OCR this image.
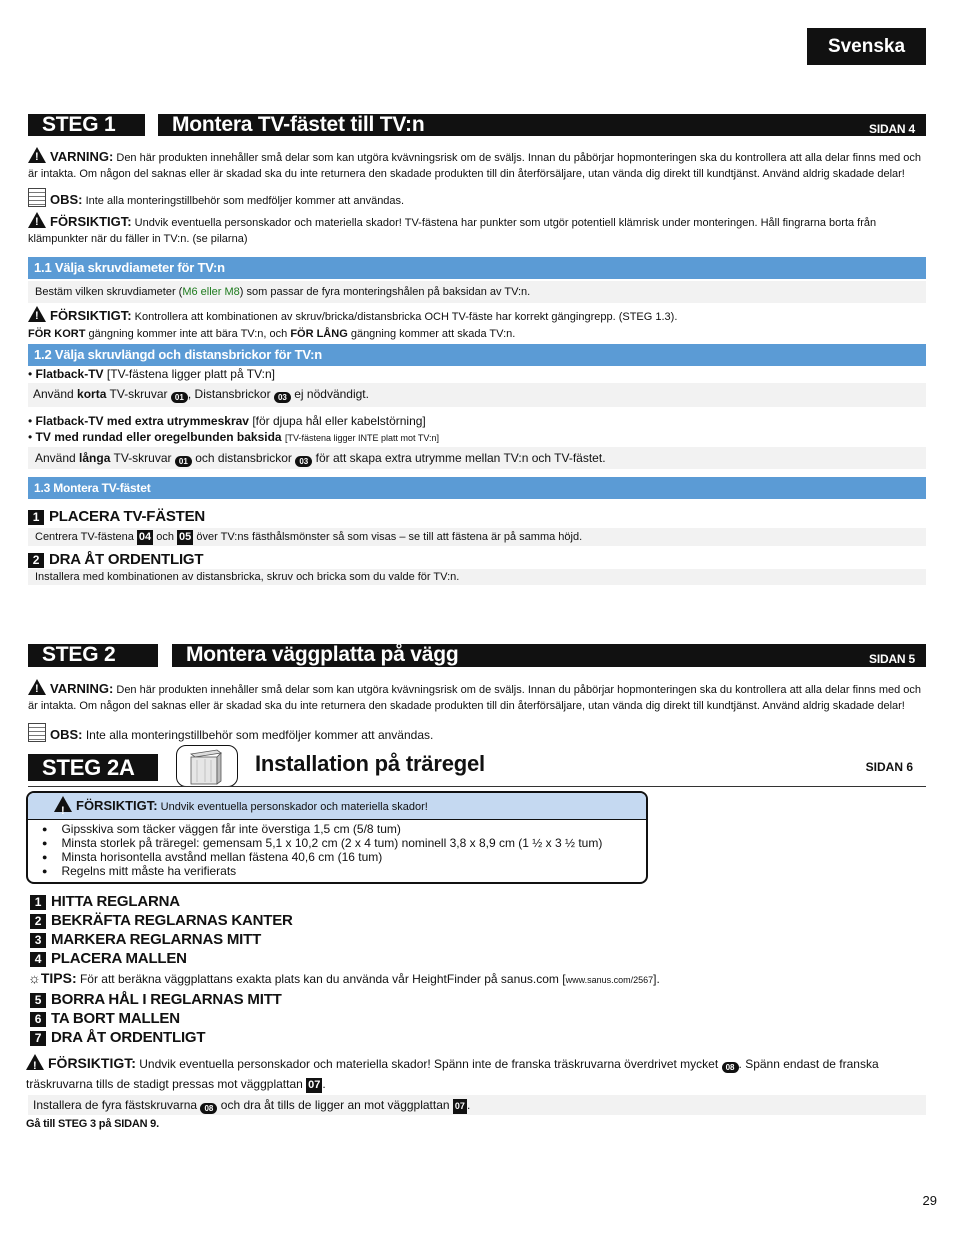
Svenska
STEG 1	Montera TV-fästet till TV:n	SIDAN 4
!VARNING: Den här produkten innehåller små delar som kan utgöra kvävningsrisk om de sväljs. Innan du påbörjar hopmonteringen ska du kontrollera att alla delar finns med och är intakta. Om någon del saknas eller är skadad ska du inte returnera den skadade produkten till din återförsäljare, utan vända dig direkt till kundtjänst. Använd aldrig skadade delar!
OBS: Inte alla monteringstillbehör som medföljer kommer att användas.
!FÖRSIKTIGT: Undvik eventuella personskador och materiella skador! TV-fästena har punkter som utgör potentiell klämrisk under monteringen. Håll fingrarna borta från klämpunkter när du fäller in TV:n. (se pilarna)
1.1 Välja skruvdiameter för TV:n
Bestäm vilken skruvdiameter (M6 eller M8) som passar de fyra monteringshålen på baksidan av TV:n.
!FÖRSIKTIGT: Kontrollera att kombinationen av skruv/bricka/distansbricka OCH TV-fäste har korrekt gängingrepp. (STEG 1.3).
FÖR KORT gängning kommer inte att bära TV:n, och FÖR LÅNG gängning kommer att skada TV:n.
1.2 Välja skruvlängd och distansbrickor för TV:n
• Flatback-TV [TV-fästena ligger platt på TV:n]
Använd korta TV-skruvar 01 , Distansbrickor 03 ej nödvändigt.
• Flatback-TV med extra utrymmeskrav [för djupa hål eller kabelstörning]
• TV med rundad eller oregelbunden baksida [TV-fästena ligger INTE platt mot TV:n]
Använd långa TV-skruvar 01 och distansbrickor 03 för att skapa extra utrymme mellan TV:n och TV-fästet.
1.3 Montera TV-fästet
1 PLACERA TV-FÄSTEN
Centrera TV-fästena 04 och 05 över TV:ns fästhålsmönster så som visas – se till att fästena är på samma höjd.
2 DRA ÅT ORDENTLIGT
Installera med kombinationen av distansbricka, skruv och bricka som du valde för TV:n.
STEG 2	Montera väggplatta på vägg	SIDAN 5
!VARNING: Den här produkten innehåller små delar som kan utgöra kvävningsrisk om de sväljs. Innan du påbörjar hopmonteringen ska du kontrollera att alla delar finns med och är intakta. Om någon del saknas eller är skadad ska du inte returnera den skadade produkten till din återförsäljare, utan vända dig direkt till kundtjänst. Använd aldrig skadade delar!
OBS: Inte alla monteringstillbehör som medföljer kommer att användas.
STEG 2A	Installation på träregel	SIDAN 6
!FÖRSIKTIGT: Undvik eventuella personskador och materiella skador!
● Gipsskiva som täcker väggen får inte överstiga 1,5 cm (5/8 tum)
● Minsta storlek på träregel: gemensam 5,1 x 10,2 cm (2 x 4 tum) nominell 3,8 x 8,9 cm (1 ½ x 3 ½ tum)
● Minsta horisontella avstånd mellan fästena 40,6 cm (16 tum)
● Regelns mitt måste ha verifierats
1 HITTA REGLARNA
2 BEKRÄFTA REGLARNAS KANTER
3 MARKERA REGLARNAS MITT
4 PLACERA MALLEN
☼TIPS: För att beräkna väggplattans exakta plats kan du använda vår HeightFinder på sanus.com [www.sanus.com/2567].
5 BORRA HÅL I REGLARNAS MITT
6 TA BORT MALLEN
7 DRA ÅT ORDENTLIGT
!FÖRSIKTIGT: Undvik eventuella personskador och materiella skador! Spänn inte de franska träskruvarna överdrivet mycket 08 . Spänn endast de franska träskruvarna tills de stadigt pressas mot väggplattan 07 .
Installera de fyra fästskruvarna 08 och dra åt tills de ligger an mot väggplattan 07 .
Gå till STEG 3 på SIDAN 9.
29
